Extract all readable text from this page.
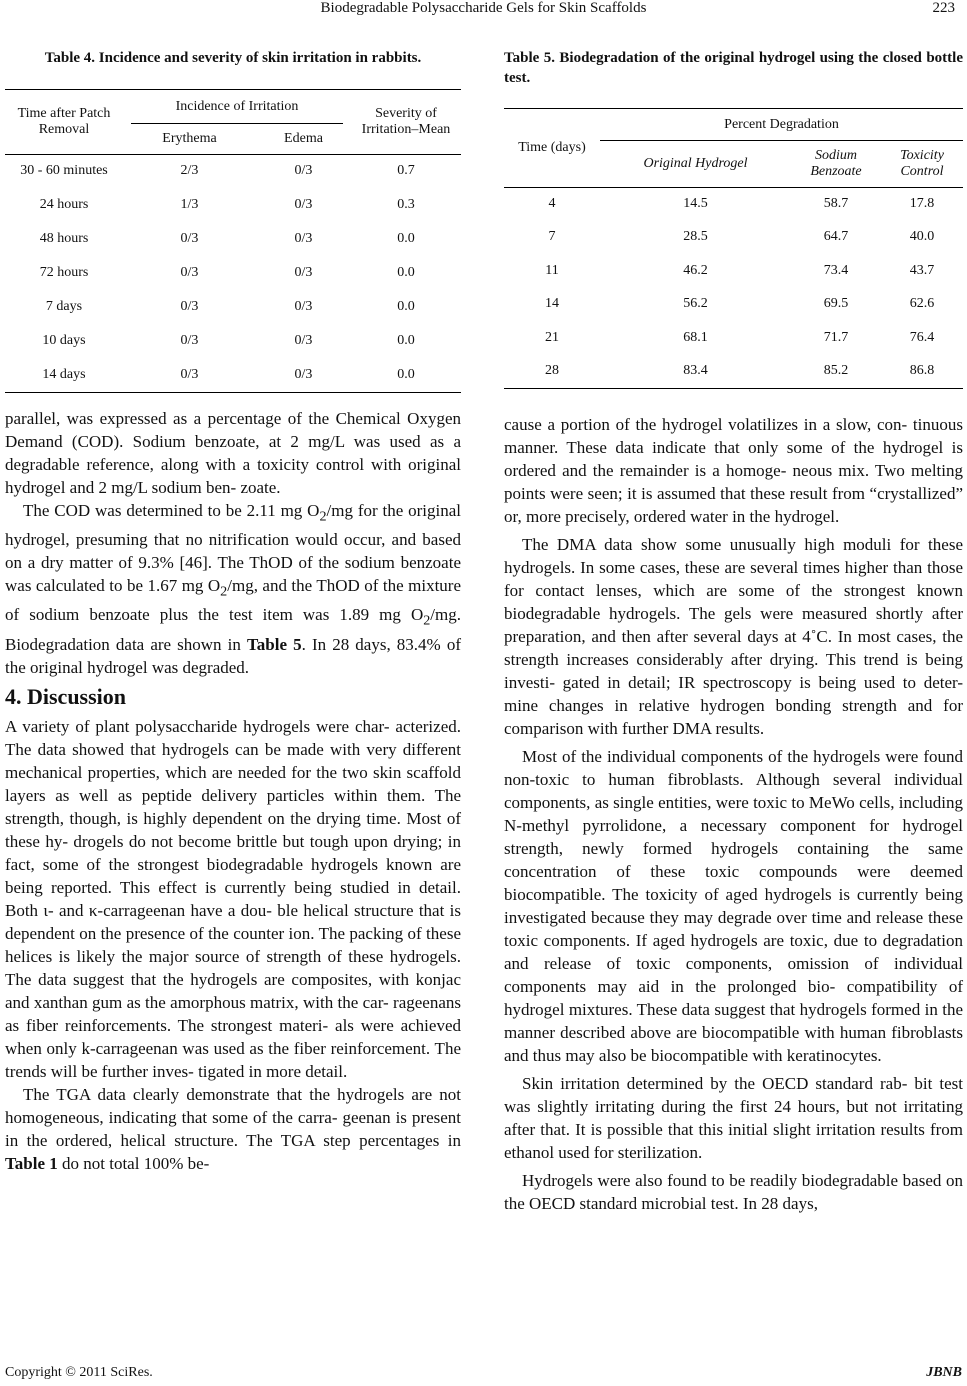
Biodegradable Polysaccharide Gels for Skin Scaffolds	223
Table 4. Incidence and severity of skin irritation in rabbits.
Time after Patch Removal	Incidence of Irritation		Severity of Irritation–Mean
	Erythema	Edema	

30 - 60 minutes	2/3	0/3	0.7
24 hours	1/3	0/3	0.3
48 hours	0/3	0/3	0.0
72 hours	0/3	0/3	0.0
7 days	0/3	0/3	0.0
10 days	0/3	0/3	0.0
14 days	0/3	0/3	0.0

parallel, was expressed as a percentage of the Chemical Oxygen Demand (COD). Sodium benzoate, at 2 mg/L was used as a degradable reference, along with a toxicity control with original hydrogel and 2 mg/L sodium ben- zoate.

The COD was determined to be 2.11 mg $O_2/mg$ for the original hydrogel, presuming that no nitrification would occur, and based on a dry matter of 9.3% [46]. The ThOD of the sodium benzoate was calculated to be 1.67 mg $O_2/mg$, and the ThOD of the mixture of sodium benzoate plus the test item was 1.89 mg $O_2/mg$. Biodegradation data are shown in Table 5. In 28 days, 83.4% of the original hydrogel was degraded.

4. Discussion

A variety of plant polysaccharide hydrogels were char- acterized. The data showed that hydrogels can be made with very different mechanical properties, which are needed for the two skin scaffold layers as well as peptide delivery particles within them. The strength, though, is highly dependent on the drying time. Most of these hy- drogels do not become brittle but tough upon drying; in fact, some of the strongest biodegradable hydrogels known are being reported. This effect is currently being studied in detail. Both ι- and κ-carrageenan have a dou- ble helical structure that is dependent on the presence of the counter ion. The packing of these helices is likely the major source of strength of these hydrogels. The data suggest that the hydrogels are composites, with konjac and xanthan gum as the amorphous matrix, with the car- rageenans as fiber reinforcements. The strongest materi- als were achieved when only k-carrageenan was used as the fiber reinforcement. The trends will be further inves- tigated in more detail.

The TGA data clearly demonstrate that the hydrogels are not homogeneous, indicating that some of the carra- geenan is present in the ordered, helical structure. The TGA step percentages in Table 1 do not total 100% be-

Table 5. Biodegradation of the original hydrogel using the closed bottle test.
Time (days)	Percent Degradation		

	Original Hydrogel	Sodium Benzoate	Toxicity Control

4	14.5	58.7	17.8
7	28.5	64.7	40.0
11	46.2	73.4	43.7
14	56.2	69.5	62.6
21	68.1	71.7	76.4
28	83.4	85.2	86.8

cause a portion of the hydrogel volatilizes in a slow, con- tinuous manner. These data indicate that only some of the hydrogel is ordered and the remainder is a homoge- neous mix. Two melting points were seen; it is assumed that these result from “crystallized” or, more precisely, ordered water in the hydrogel.

The DMA data show some unusually high moduli for these hydrogels. In some cases, these are several times higher than those for contact lenses, which are some of the strongest known biodegradable hydrogels. The gels were measured shortly after preparation, and then after several days at 4˚C. In most cases, the strength increases considerably after drying. This trend is being investi- gated in detail; IR spectroscopy is being used to deter- mine changes in relative hydrogen bonding strength and for comparison with further DMA results.

Most of the individual components of the hydrogels were found non-toxic to human fibroblasts. Although several individual components, as single entities, were toxic to MeWo cells, including N-methyl pyrrolidone, a necessary component for hydrogel strength, newly formed hydrogels containing the same concentration of these toxic compounds were deemed biocompatible. The toxicity of aged hydrogels is currently being investigated because they may degrade over time and release these toxic components. If aged hydrogels are toxic, due to degradation and release of toxic components, omission of individual components may aid in the prolonged bio- compatibility of hydrogel mixtures. These data suggest that hydrogels formed in the manner described above are biocompatible with human fibroblasts and thus may also be biocompatible with keratinocytes.

Skin irritation determined by the OECD standard rab- bit test was slightly irritating during the first 24 hours, but not irritating after that. It is possible that this initial slight irritation results from ethanol used for sterilization.

Hydrogels were also found to be readily biodegradable based on the OECD standard microbial test. In 28 days,

Copyright © 2011 SciRes.	JBNB
